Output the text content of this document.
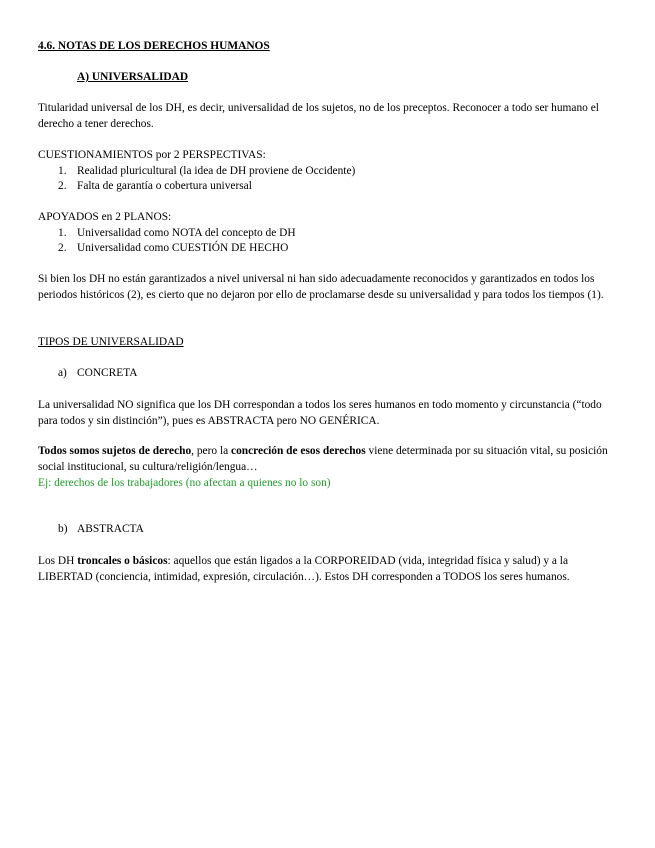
4.6. NOTAS DE LOS DERECHOS HUMANOS
A) UNIVERSALIDAD
Titularidad universal de los DH, es decir, universalidad de los sujetos, no de los preceptos. Reconocer a todo ser humano el derecho a tener derechos.
CUESTIONAMIENTOS por 2 PERSPECTIVAS:
1. Realidad pluricultural (la idea de DH proviene de Occidente)
2. Falta de garantía o cobertura universal
APOYADOS en 2 PLANOS:
1. Universalidad como NOTA del concepto de DH
2. Universalidad como CUESTIÓN DE HECHO
Si bien los DH no están garantizados a nivel universal ni han sido adecuadamente reconocidos y garantizados en todos los periodos históricos (2), es cierto que no dejaron por ello de proclamarse desde su universalidad y para todos los tiempos (1).
TIPOS DE UNIVERSALIDAD
a) CONCRETA
La universalidad NO significa que los DH correspondan a todos los seres humanos en todo momento y circunstancia (“todo para todos y sin distinción”), pues es ABSTRACTA pero NO GENÉRICA.
Todos somos sujetos de derecho, pero la concreción de esos derechos viene determinada por su situación vital, su posición social institucional, su cultura/religión/lengua…
Ej: derechos de los trabajadores (no afectan a quienes no lo son)
b) ABSTRACTA
Los DH troncales o básicos: aquellos que están ligados a la CORPOREIDAD (vida, integridad física y salud) y a la LIBERTAD (conciencia, intimidad, expresión, circulación…). Estos DH corresponden a TODOS los seres humanos.
